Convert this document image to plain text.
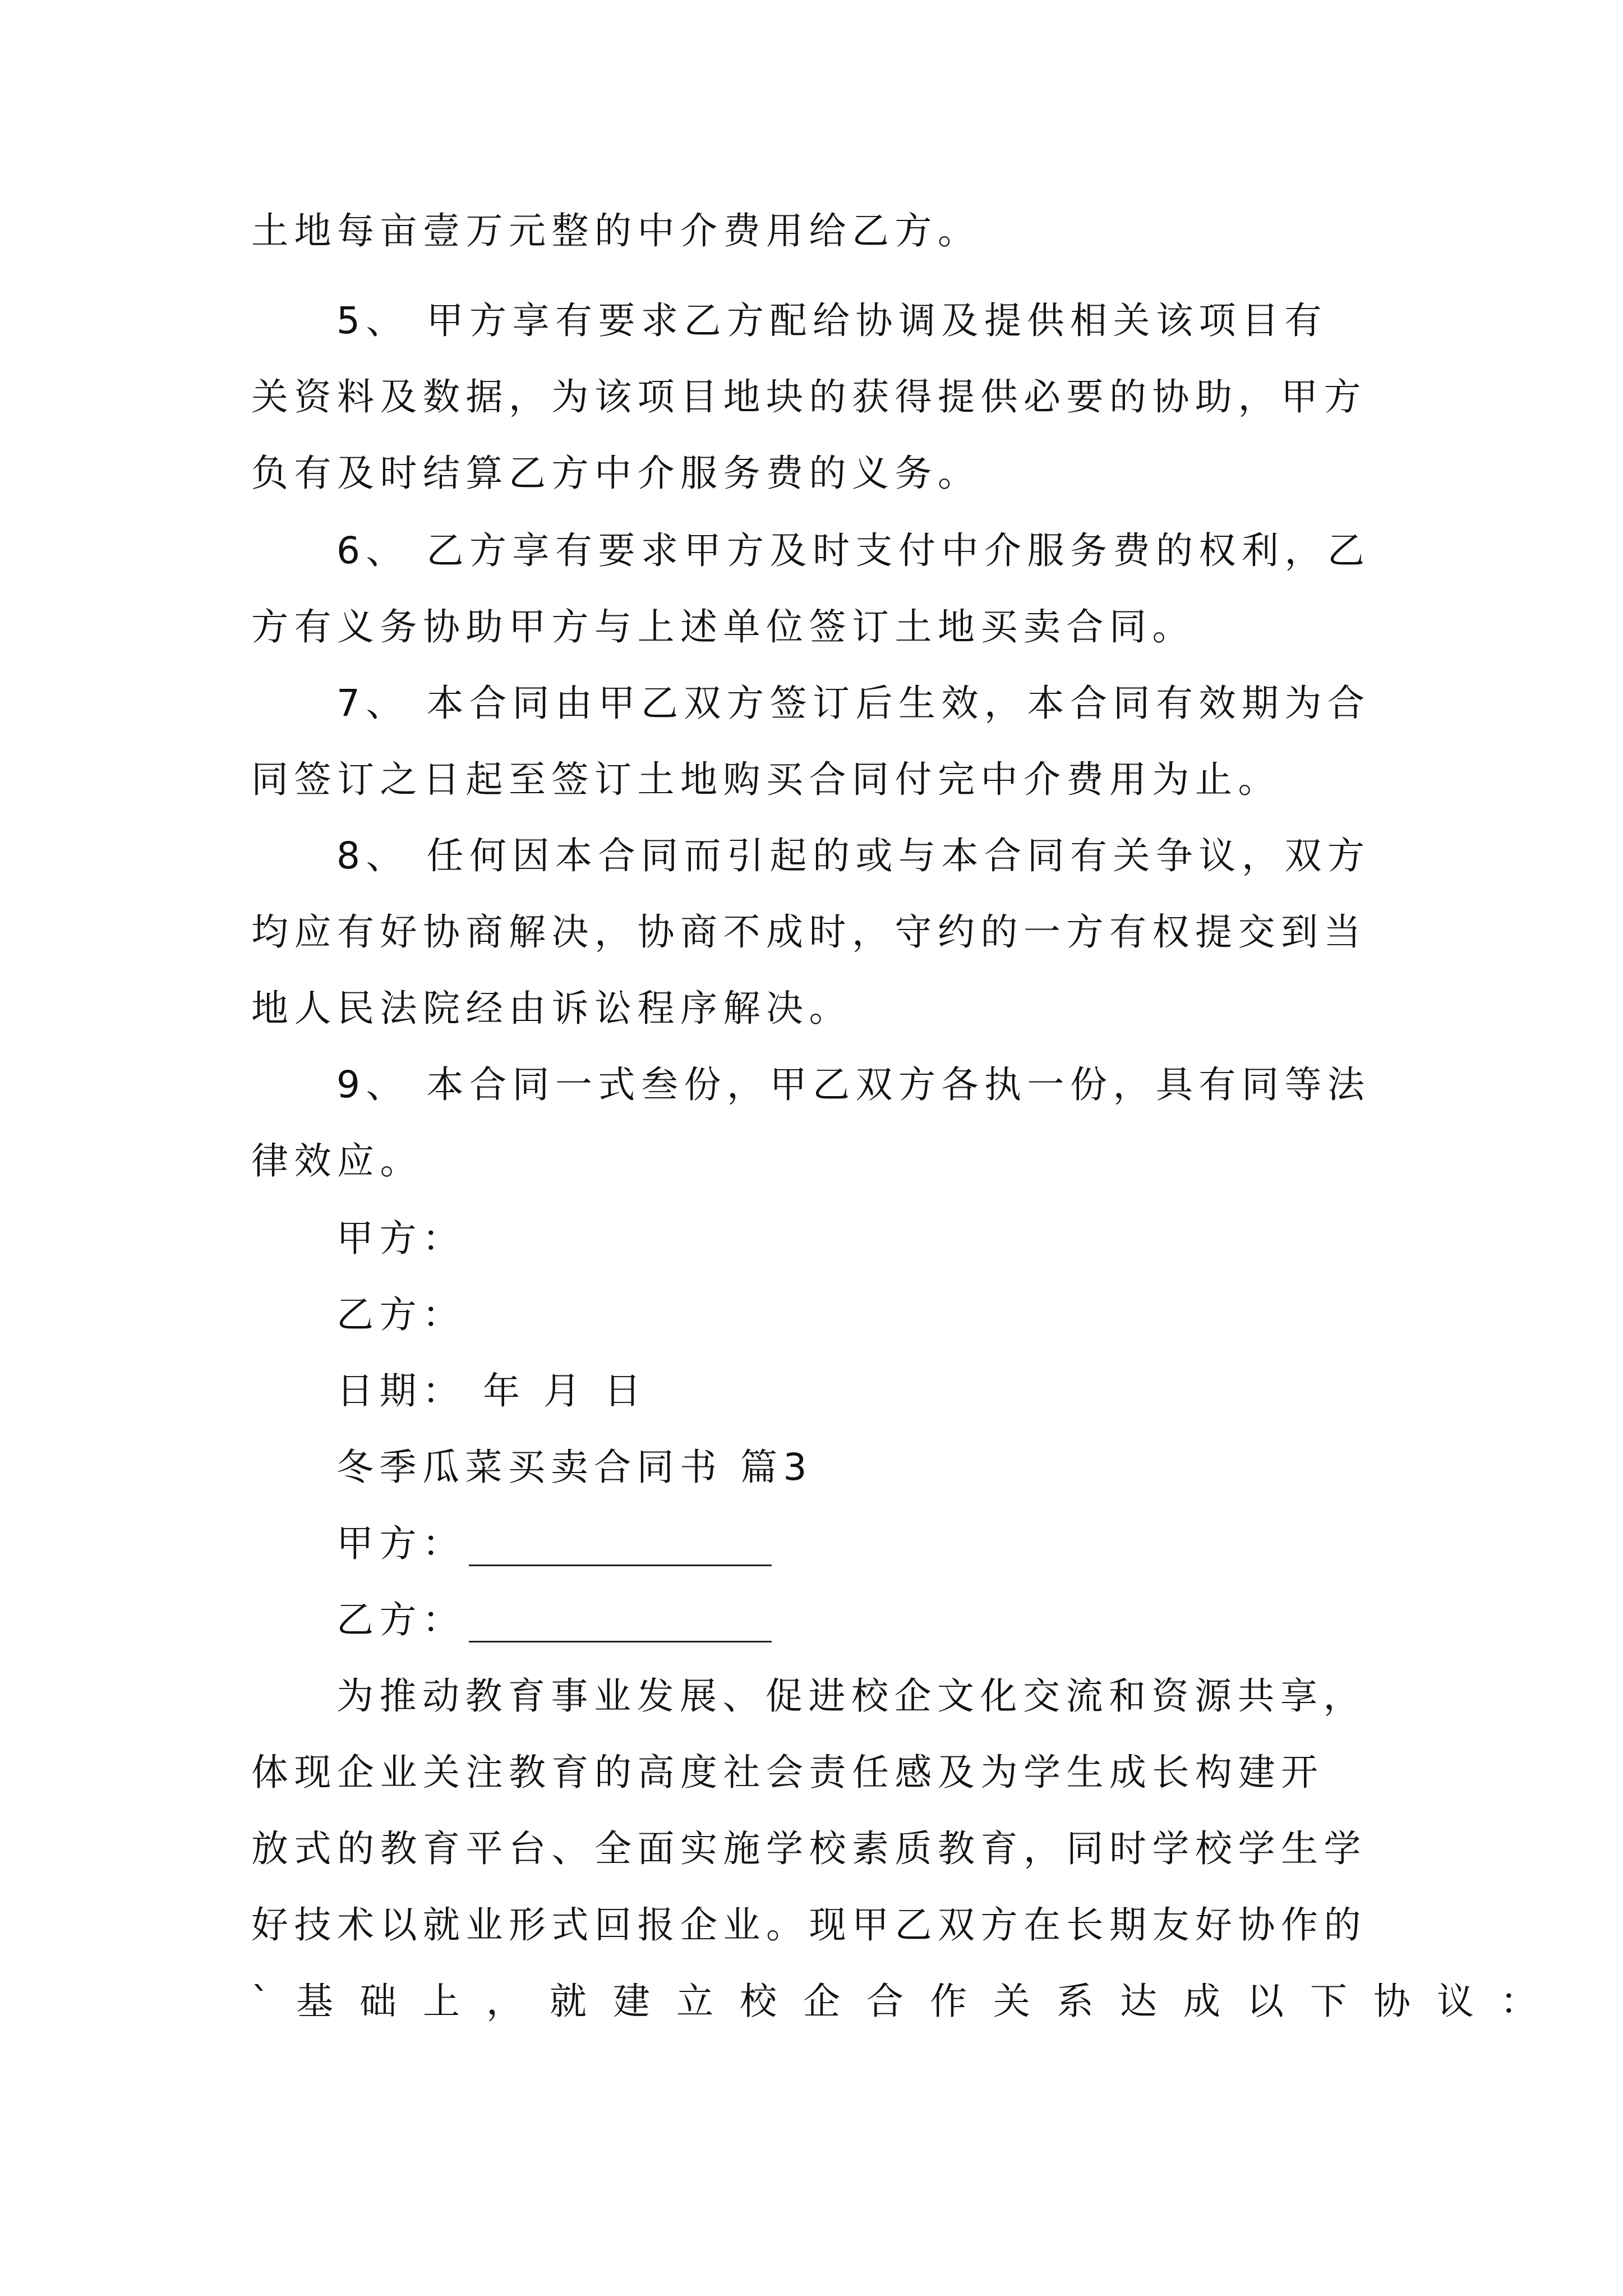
土地每亩壹万元整的中介费用给乙方。
5、 甲方享有要求乙方配给协调及提供相关该项目有
关资料及数据，为该项目地块的获得提供必要的协助，甲方
负有及时结算乙方中介服务费的义务。
6、 乙方享有要求甲方及时支付中介服务费的权利，乙
方有义务协助甲方与上述单位签订土地买卖合同。
7、 本合同由甲乙双方签订后生效，本合同有效期为合
同签订之日起至签订土地购买合同付完中介费用为止。
8、 任何因本合同而引起的或与本合同有关争议，双方
均应有好协商解决，协商不成时，守约的一方有权提交到当
地人民法院经由诉讼程序解决。
9、 本合同一式叁份，甲乙双方各执一份，具有同等法
律效应。
甲方：
乙方：
日期： 年 月 日
冬季瓜菜买卖合同书 篇3
甲方：
乙方：
为推动教育事业发展、促进校企文化交流和资源共享，
体现企业关注教育的高度社会责任感及为学生成长构建开
放式的教育平台、全面实施学校素质教育，同时学校学生学
好技术以就业形式回报企业。现甲乙双方在长期友好协作的
`基础上，就建立校企合作关系达成以下协议：
